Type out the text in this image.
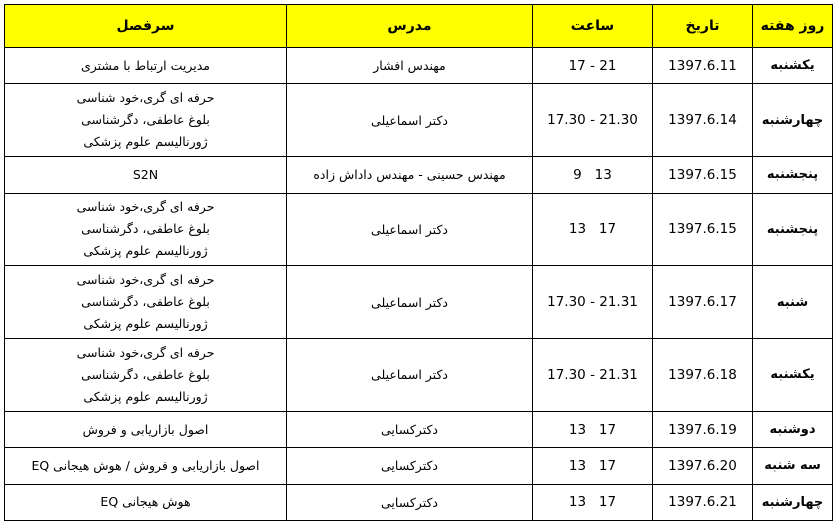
روز هفته	تاریخ	ساعت	مدرس	سرفصل
یکشنبه	1397.6.11	17 - 21	مهندس افشار	مدیریت ارتباط با مشتری

چهارشنبه	1397.6.14	17.30 - 21.30	دکتر اسماعیلی	حرفه ای گری،خود شناسی
بلوغ عاطفی، دگرشناسی
ژورنالیسم علوم پزشکی

پنجشنبه	1397.6.15	9   13	مهندس حسینی - مهندس داداش زاده	S2N

پنجشنبه	1397.6.15	13   17	دکتر اسماعیلی	حرفه ای گری،خود شناسی
بلوغ عاطفی، دگرشناسی
ژورنالیسم علوم پزشکی

شنبه	1397.6.17	17.30 - 21.31	دکتر اسماعیلی	حرفه ای گری،خود شناسی
بلوغ عاطفی، دگرشناسی
ژورنالیسم علوم پزشکی

یکشنبه	1397.6.18	17.30 - 21.31	دکتر اسماعیلی	حرفه ای گری،خود شناسی
بلوغ عاطفی، دگرشناسی
ژورنالیسم علوم پزشکی

دوشنبه	1397.6.19	13   17	دکترکسایی	اصول بازاریابی و فروش

سه شنبه	1397.6.20	13   17	دکترکسایی	اصول بازاریابی و فروش / هوش هیجانی EQ

چهارشنبه	1397.6.21	13   17	دکترکسایی	هوش هیجانی EQ
